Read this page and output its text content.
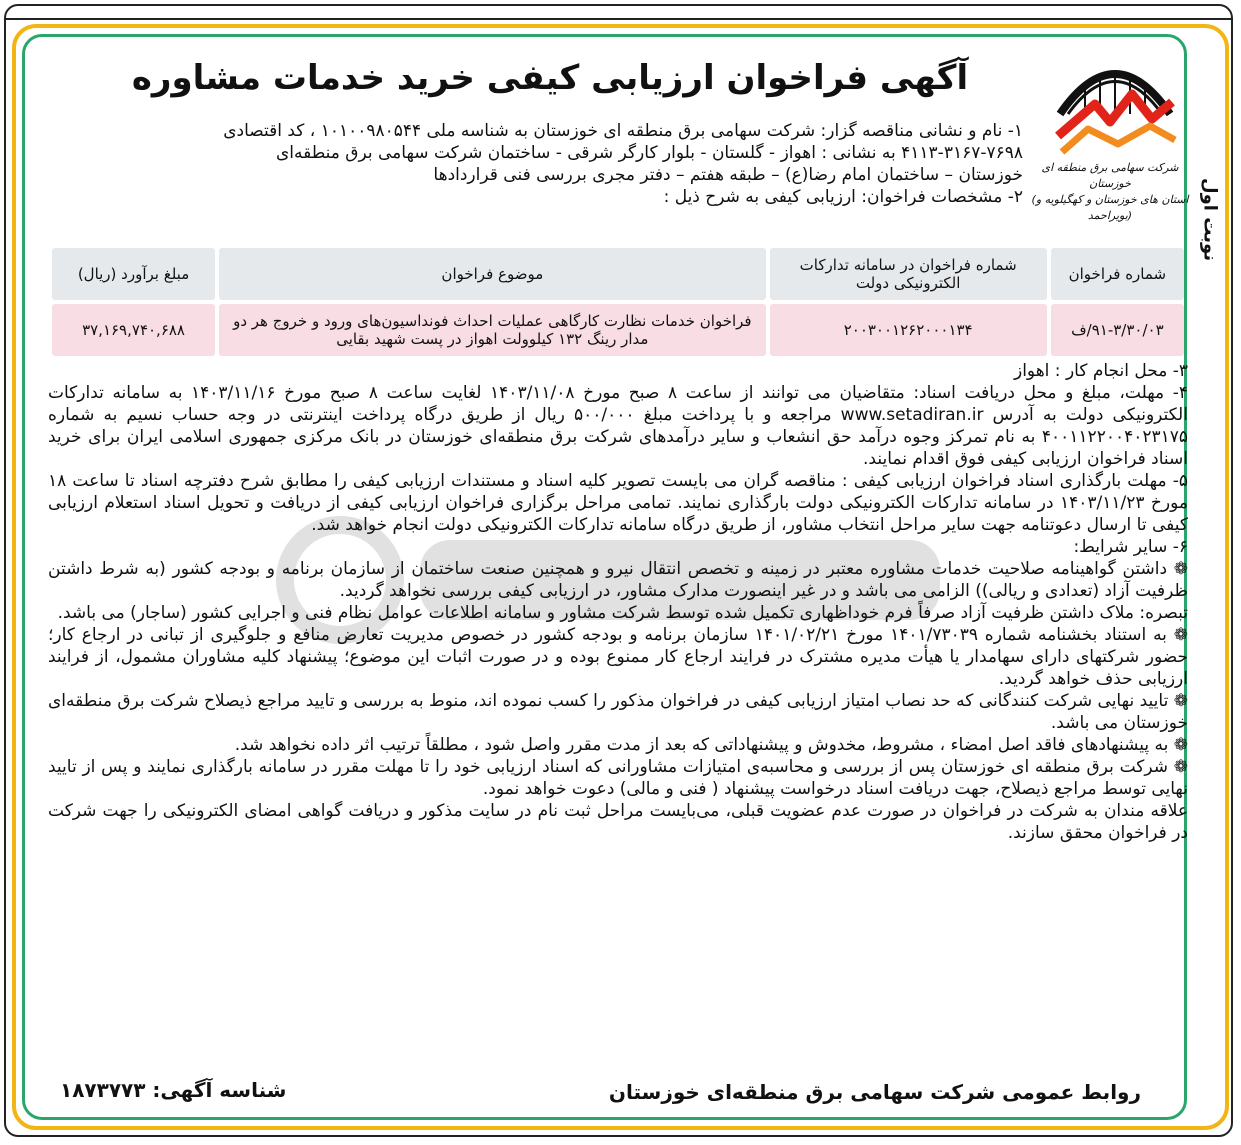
نوبت اول
شرکت سهامی برق منطقه ای خوزستان
(استان های خوزستان و کهگیلویه و بویراحمد)
آگهی فراخوان ارزیابی کیفی خرید خدمات مشاوره
۱- نام و نشانی مناقصه گزار: شرکت سهامی برق منطقه ای خوزستان به شناسه ملی ۱۰۱۰۰۹۸۰۵۴۴ ، کد اقتصادی
۴۱۱۳-۳۱۶۷-۷۶۹۸ به نشانی : اهواز - گلستان - بلوار کارگر شرقی - ساختمان شرکت سهامی برق منطقه‌ای
خوزستان – ساختمان امام رضا(ع) – طبقه هفتم – دفتر مجری بررسی فنی قراردادها
۲- مشخصات فراخوان: ارزیابی کیفی به شرح ذیل :
شماره فراخوان	شماره فراخوان در سامانه تدارکات الکترونیکی دولت	موضوع فراخوان	مبلغ برآورد (ریال)
۹۱-۳/۳۰/۰۳/ف	۲۰۰۳۰۰۱۲۶۲۰۰۰۱۳۴	فراخوان خدمات نظارت کارگاهی عملیات احداث فونداسیون‌های ورود و خروج هر دو مدار رینگ ۱۳۲ کیلوولت اهواز در پست شهید بقایی	۳۷,۱۶۹,۷۴۰,۶۸۸
۳- محل انجام کار : اهواز
۴- مهلت، مبلغ و محل دریافت اسناد: متقاضیان می توانند از ساعت ۸ صبح مورخ ۱۴۰۳/۱۱/۰۸ لغایت ساعت ۸ صبح مورخ ۱۴۰۳/۱۱/۱۶ به سامانه تدارکات الکترونیکی دولت به آدرس www.setadiran.ir مراجعه و با پرداخت مبلغ ۵۰۰/۰۰۰ ریال از طریق درگاه پرداخت اینترنتی در وجه حساب نسیم به شماره ۴۰۰۱۱۲۲۰۰۴۰۲۳۱۷۵ به نام تمرکز وجوه درآمد حق انشعاب و سایر درآمدهای شرکت برق منطقه‌ای خوزستان در بانک مرکزی جمهوری اسلامی ایران برای خرید اسناد فراخوان ارزیابی کیفی فوق اقدام نمایند.
۵- مهلت بارگذاری اسناد فراخوان ارزیابی کیفی : مناقصه گران می بایست تصویر کلیه اسناد و مستندات ارزیابی کیفی را مطابق شرح دفترچه اسناد تا ساعت ۱۸ مورخ ۱۴۰۳/۱۱/۲۳ در سامانه تدارکات الکترونیکی دولت بارگذاری نمایند. تمامی مراحل برگزاری فراخوان ارزیابی کیفی از دریافت و تحویل اسناد استعلام ارزیابی کیفی تا ارسال دعوتنامه جهت سایر مراحل انتخاب مشاور، از طریق درگاه سامانه تدارکات الکترونیکی دولت انجام خواهد شد.
۶- سایر شرایط:
❁ داشتن گواهینامه صلاحیت خدمات مشاوره معتبر در زمینه و تخصص انتقال نیرو و همچنین صنعت ساختمان از سازمان برنامه و بودجه کشور (به شرط داشتن ظرفیت آزاد (تعدادی و ریالی)) الزامی می باشد و در غیر اینصورت مدارک مشاور، در ارزیابی کیفی بررسی نخواهد گردید.
تبصره: ملاک داشتن ظرفیت آزاد صرفاً فرم خوداظهاری تکمیل شده توسط شرکت مشاور و سامانه اطلاعات عوامل نظام فنی و اجرایی کشور (ساجار) می باشد.
❁ به استناد بخشنامه شماره ۱۴۰۱/۷۳۰۳۹ مورخ ۱۴۰۱/۰۲/۲۱ سازمان برنامه و بودجه کشور در خصوص مدیریت تعارض منافع و جلوگیری از تبانی در ارجاع کار؛ حضور شرکتهای دارای سهامدار یا هیأت مدیره مشترک در فرایند ارجاع کار ممنوع بوده و در صورت اثبات این موضوع؛ پیشنهاد کلیه مشاوران مشمول، از فرایند ارزیابی حذف خواهد گردید.
❁ تایید نهایی شرکت کنندگانی که حد نصاب امتیاز ارزیابی کیفی در فراخوان مذکور را کسب نموده اند، منوط به بررسی و تایید مراجع ذیصلاح شرکت برق منطقه‌ای خوزستان می باشد.
❁ به پیشنهادهای فاقد اصل امضاء ، مشروط، مخدوش و پیشنهاداتی که بعد از مدت مقرر واصل شود ، مطلقاً ترتیب اثر داده نخواهد شد.
❁ شرکت برق منطقه ای خوزستان پس از بررسی و محاسبه‌ی امتیازات مشاورانی که اسناد ارزیابی خود را تا مهلت مقرر در سامانه بارگذاری نمایند و پس از تایید نهایی توسط مراجع ذیصلاح، جهت دریافت اسناد درخواست پیشنهاد ( فنی و مالی) دعوت خواهد نمود.
علاقه مندان به شرکت در فراخوان در صورت عدم عضویت قبلی، می‌بایست مراحل ثبت نام در سایت مذکور و دریافت گواهی امضای الکترونیکی را جهت شرکت در فراخوان محقق سازند.
شناسه آگهی: ۱۸۷۳۷۷۳	روابط عمومی شرکت سهامی برق منطقه‌ای خوزستان
